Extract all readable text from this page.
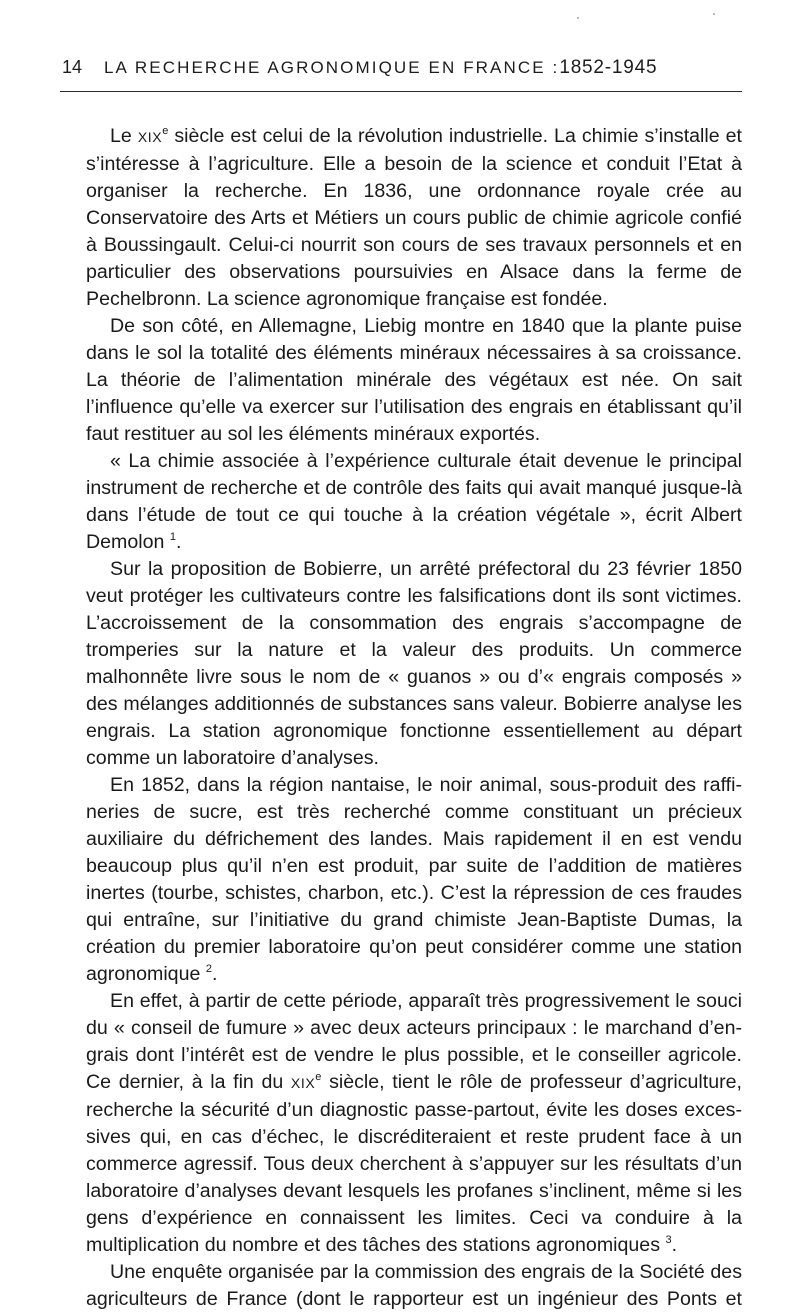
14 LA RECHERCHE AGRONOMIQUE EN FRANCE :1852-1945

Le XIXe siècle est celui de la révolution industrielle. La chimie s’installe et s’intéresse à l’agriculture. Elle a besoin de la science et conduit l’Etat à organiser la recherche. En 1836, une ordonnance royale crée au Conservatoire des Arts et Métiers un cours public de chimie agricole confié à Boussingault. Celui-ci nourrit son cours de ses travaux personnels et en particulier des observations poursuivies en Alsace dans la ferme de Pechelbronn. La science agronomique française est fondée.

De son côté, en Allemagne, Liebig montre en 1840 que la plante puise dans le sol la totalité des éléments minéraux nécessaires à sa croissance. La théorie de l’alimentation minérale des végétaux est née. On sait l’influence qu’elle va exercer sur l’utilisation des engrais en établissant qu’il faut restituer au sol les éléments minéraux exportés.

« La chimie associée à l’expérience culturale était devenue le principal instrument de recherche et de contrôle des faits qui avait manqué jusque-là dans l’étude de tout ce qui touche à la création végétale », écrit Albert Demolon $^1$.

Sur la proposition de Bobierre, un arrêté préfectoral du 23 février 1850 veut protéger les cultivateurs contre les falsifications dont ils sont victimes. L’accroissement de la consommation des engrais s’accompagne de tromperies sur la nature et la valeur des produits. Un commerce malhonnête livre sous le nom de « guanos » ou d’« engrais composés » des mélanges additionnés de substances sans valeur. Bobierre analyse les engrais. La station agronomique fonctionne essentiellement au départ comme un laboratoire d’analyses.

En 1852, dans la région nantaise, le noir animal, sous-produit des raffineries de sucre, est très recherché comme constituant un précieux auxiliaire du défrichement des landes. Mais rapidement il en est vendu beaucoup plus qu’il n’en est produit, par suite de l’addition de matières inertes (tourbe, schistes, charbon, etc.). C’est la répression de ces fraudes qui entraîne, sur l’initiative du grand chimiste Jean-Baptiste Dumas, la création du premier laboratoire qu’on peut considérer comme une station agronomique $^2$.

En effet, à partir de cette période, apparaît très progressivement le souci du « conseil de fumure » avec deux acteurs principaux : le marchand d’engrais dont l’intérêt est de vendre le plus possible, et le conseiller agricole. Ce dernier, à la fin du XIXe siècle, tient le rôle de professeur d’agriculture, recherche la sécurité d’un diagnostic passe-partout, évite les doses excessives qui, en cas d’échec, le discréditeraient et reste prudent face à un commerce agressif. Tous deux cherchent à s’appuyer sur les résultats d’un laboratoire d’analyses devant lesquels les profanes s’inclinent, même si les gens d’expérience en connaissent les limites. Ceci va conduire à la multiplication du nombre et des tâches des stations agronomiques $^3$.

Une enquête organisée par la commission des engrais de la Société des agriculteurs de France (dont le rapporteur est un ingénieur des Ponts et
